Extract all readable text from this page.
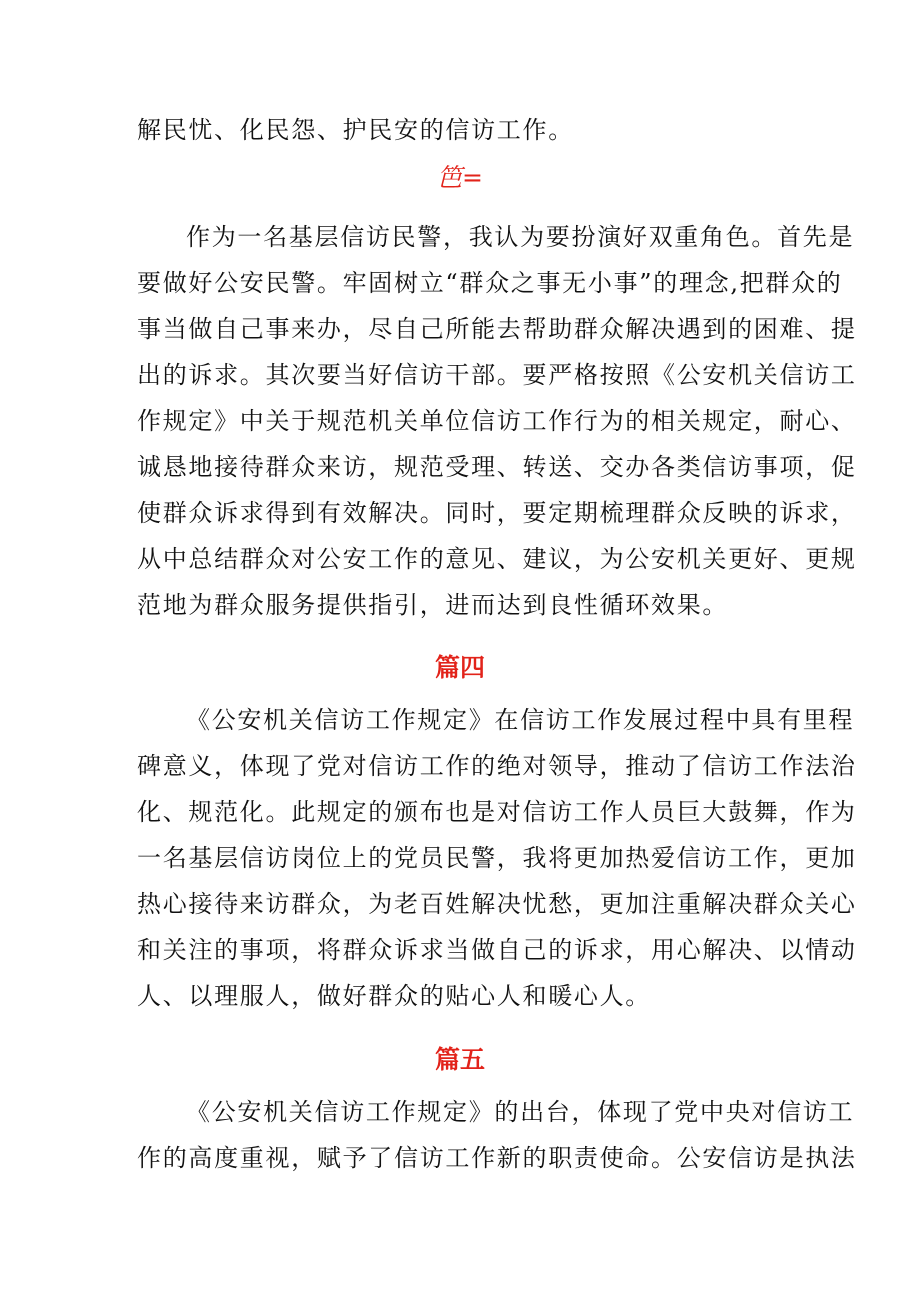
解民忧、化民怨、护民安的信访工作。
笆=
作为一名基层信访民警，我认为要扮演好双重角色。首先是
要做好公安民警。牢固树立“群众之事无小事”的理念,把群众的
事当做自己事来办，尽自己所能去帮助群众解决遇到的困难、提
出的诉求。其次要当好信访干部。要严格按照《公安机关信访工
作规定》中关于规范机关单位信访工作行为的相关规定，耐心、
诚恳地接待群众来访，规范受理、转送、交办各类信访事项，促
使群众诉求得到有效解决。同时，要定期梳理群众反映的诉求，
从中总结群众对公安工作的意见、建议，为公安机关更好、更规
范地为群众服务提供指引，进而达到良性循环效果。
篇四
《公安机关信访工作规定》在信访工作发展过程中具有里程
碑意义，体现了党对信访工作的绝对领导，推动了信访工作法治
化、规范化。此规定的颁布也是对信访工作人员巨大鼓舞，作为
一名基层信访岗位上的党员民警，我将更加热爱信访工作，更加
热心接待来访群众，为老百姓解决忧愁，更加注重解决群众关心
和关注的事项，将群众诉求当做自己的诉求，用心解决、以情动
人、以理服人，做好群众的贴心人和暖心人。
篇五
《公安机关信访工作规定》的出台，体现了党中央对信访工
作的高度重视，赋予了信访工作新的职责使命。公安信访是执法
